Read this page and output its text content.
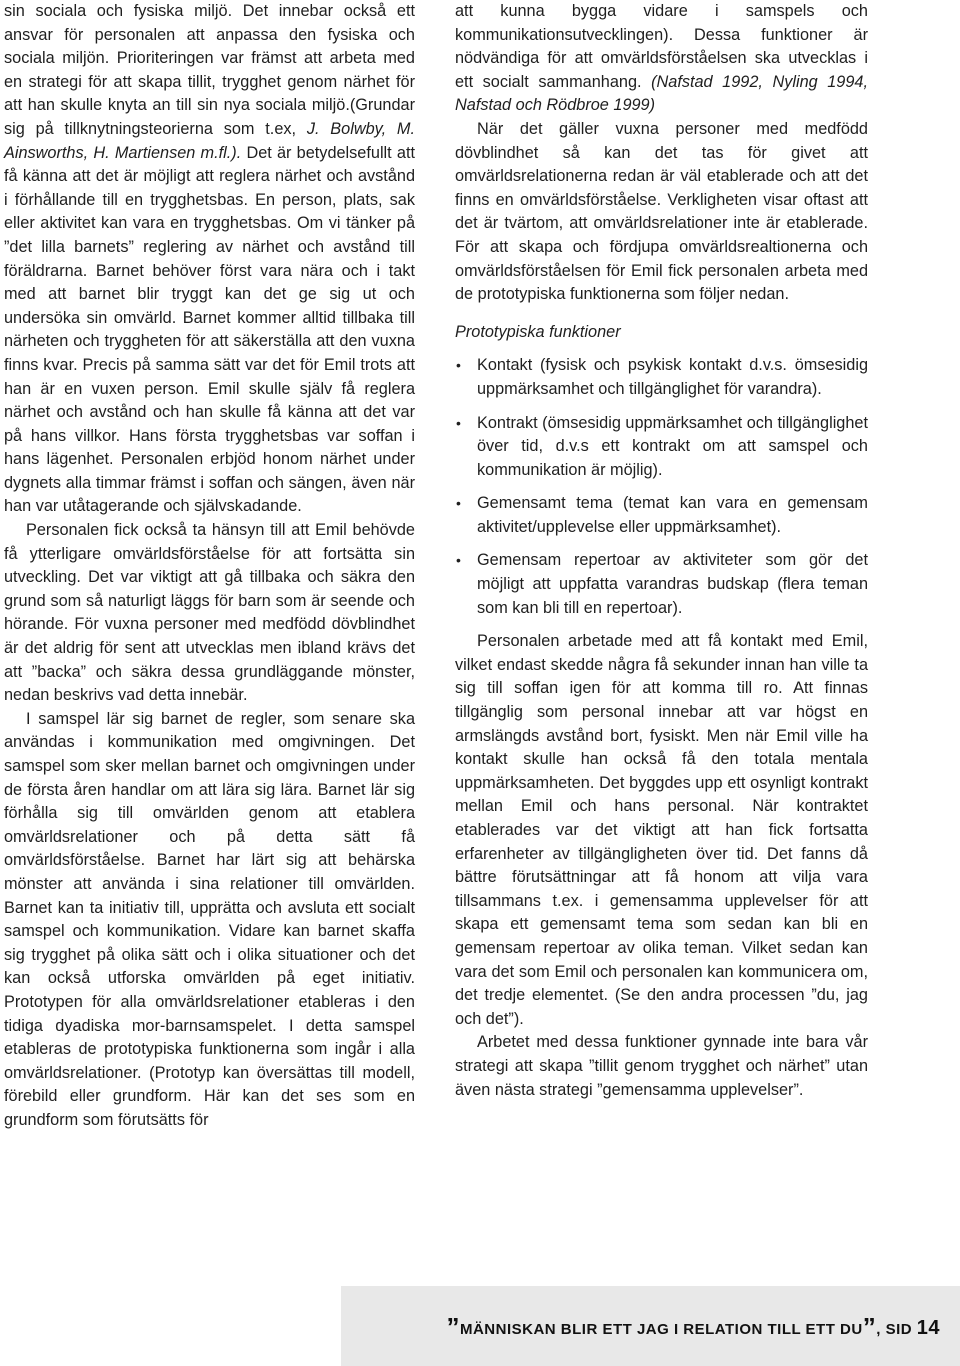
sin sociala och fysiska miljö. Det innebar också ett ansvar för personalen att anpassa den fysiska och sociala miljön. Prioriteringen var främst att arbeta med en strategi för att skapa tillit, trygghet genom närhet för att han skulle knyta an till sin nya sociala miljö.(Grundar sig på tillknytningsteorierna som t.ex, J. Bolwby, M. Ainsworths, H. Martiensen m.fl.). Det är betydelsefullt att få känna att det är möjligt att reglera närhet och avstånd i förhållande till en trygghetsbas. En person, plats, sak eller aktivitet kan vara en trygghetsbas. Om vi tänker på ”det lilla barnets” reglering av närhet och avstånd till föräldrarna. Barnet behöver först vara nära och i takt med att barnet blir tryggt kan det ge sig ut och undersöka sin omvärld. Barnet kommer alltid tillbaka till närheten och tryggheten för att säkerställa att den vuxna finns kvar. Precis på samma sätt var det för Emil trots att han är en vuxen person. Emil skulle själv få reglera närhet och avstånd och han skulle få känna att det var på hans villkor. Hans första trygghetsbas var soffan i hans lägenhet. Personalen erbjöd honom närhet under dygnets alla timmar främst i soffan och sängen, även när han var utåtagerande och självskadande.

Personalen fick också ta hänsyn till att Emil behövde få ytterligare omvärldsförståelse för att fortsätta sin utveckling. Det var viktigt att gå tillbaka och säkra den grund som så naturligt läggs för barn som är seende och hörande. För vuxna personer med medfödd dövblindhet är det aldrig för sent att utvecklas men ibland krävs det att ”backa” och säkra dessa grundläggande mönster, nedan beskrivs vad detta innebär.

I samspel lär sig barnet de regler, som senare ska användas i kommunikation med omgivningen. Det samspel som sker mellan barnet och omgivningen under de första åren handlar om att lära sig lära. Barnet lär sig förhålla sig till omvärlden genom att etablera omvärldsrelationer och på detta sätt få omvärldsförståelse. Barnet har lärt sig att behärska mönster att använda i sina relationer till omvärlden. Barnet kan ta initiativ till, upprätta och avsluta ett socialt samspel och kommunikation. Vidare kan barnet skaffa sig trygghet på olika sätt och i olika situationer och det kan också utforska omvärlden på eget initiativ. Prototypen för alla omvärldsrelationer etableras i den tidiga dyadiska mor-barnsamspelet. I detta samspel etableras de prototypiska funktionerna som ingår i alla omvärldsrelationer. (Prototyp kan översättas till modell, förebild eller grundform. Här kan det ses som en grundform som förutsätts för

att kunna bygga vidare i samspels och kommunikationsutvecklingen). Dessa funktioner är nödvändiga för att omvärldsförståelsen ska utvecklas i ett socialt sammanhang. (Nafstad 1992, Nyling 1994, Nafstad och Rödbroe 1999)

När det gäller vuxna personer med medfödd dövblindhet så kan det tas för givet att omvärldsrelationerna redan är väl etablerade och att det finns en omvärldsförståelse. Verkligheten visar oftast att det är tvärtom, att omvärldsrelationer inte är etablerade. För att skapa och fördjupa omvärldsrealtionerna och omvärldsförståelsen för Emil fick personalen arbeta med de prototypiska funktionerna som följer nedan.

Prototypiska funktioner

• Kontakt (fysisk och psykisk kontakt d.v.s. ömsesidig uppmärksamhet och tillgänglighet för varandra).
• Kontrakt (ömsesidig uppmärksamhet och tillgänglighet över tid, d.v.s ett kontrakt om att samspel och kommunikation är möjlig).
• Gemensamt tema (temat kan vara en gemensam aktivitet/upplevelse eller uppmärksamhet).
• Gemensam repertoar av aktiviteter som gör det möjligt att uppfatta varandras budskap (flera teman som kan bli till en repertoar).

Personalen arbetade med att få kontakt med Emil, vilket endast skedde några få sekunder innan han ville ta sig till soffan igen för att komma till ro. Att finnas tillgänglig som personal innebar att var högst en armslängds avstånd bort, fysiskt. Men när Emil ville ha kontakt skulle han också få den totala mentala uppmärksamheten. Det byggdes upp ett osynligt kontrakt mellan Emil och hans personal. När kontraktet etablerades var det viktigt att han fick fortsatta erfarenheter av tillgängligheten över tid. Det fanns då bättre förutsättningar att få honom att vilja vara tillsammans t.ex. i gemensamma upplevelser för att skapa ett gemensamt tema som sedan kan bli en gemensam repertoar av olika teman. Vilket sedan kan vara det som Emil och personalen kan kommunicera om, det tredje elementet. (Se den andra processen ”du, jag och det”).

Arbetet med dessa funktioner gynnade inte bara vår strategi att skapa ”tillit genom trygghet och närhet” utan även nästa strategi ”gemensamma upplevelser”.

”MÄNNISKAN BLIR ETT JAG I RELATION TILL ETT DU”, SID 14
